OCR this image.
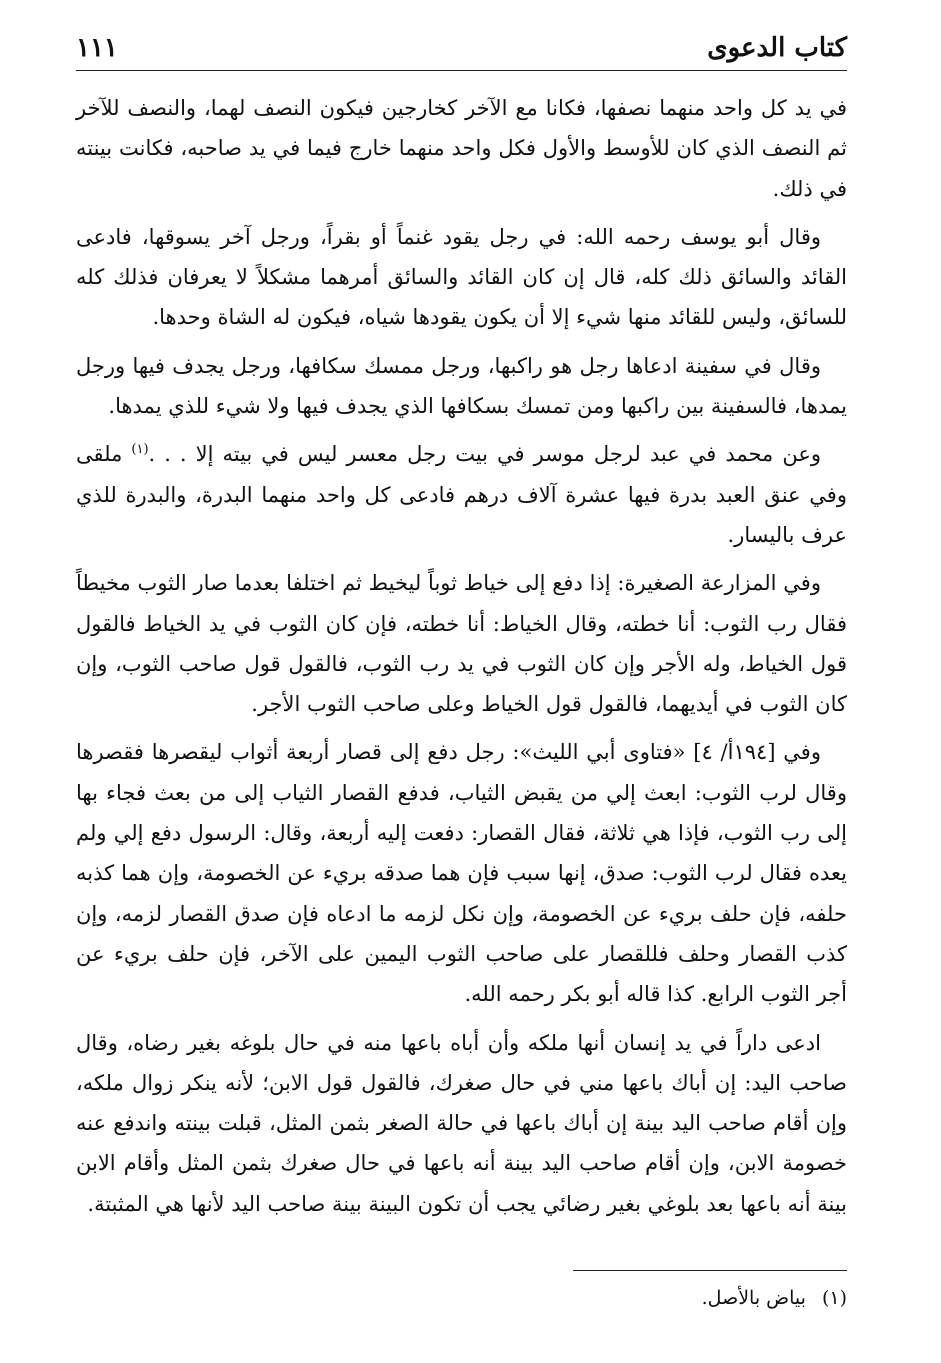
كتاب الدعوى
١١١

في يد كل واحد منهما نصفها، فكانا مع الآخر كخارجين فيكون النصف لهما، والنصف للآخر ثم النصف الذي كان للأوسط والأول فكل واحد منهما خارج فيما في يد صاحبه، فكانت بينته في ذلك.

وقال أبو يوسف رحمه الله: في رجل يقود غنماً أو بقراً، ورجل آخر يسوقها، فادعى القائد والسائق ذلك كله، قال إن كان القائد والسائق أمرهما مشكلاً لا يعرفان فذلك كله للسائق، وليس للقائد منها شيء إلا أن يكون يقودها شياه، فيكون له الشاة وحدها.

وقال في سفينة ادعاها رجل هو راكبها، ورجل ممسك سكافها، ورجل يجدف فيها ورجل يمدها، فالسفينة بين راكبها ومن تمسك بسكافها الذي يجدف فيها ولا شيء للذي يمدها.

وعن محمد في عبد لرجل موسر في بيت رجل معسر ليس في بيته إلا . . .$^{(١)}$ ملقى وفي عنق العبد بدرة فيها عشرة آلاف درهم فادعى كل واحد منهما البدرة، والبدرة للذي عرف باليسار.

وفي المزارعة الصغيرة: إذا دفع إلى خياط ثوباً ليخيط ثم اختلفا بعدما صار الثوب مخيطاً فقال رب الثوب: أنا خطته، وقال الخياط: أنا خطته، فإن كان الثوب في يد الخياط فالقول قول الخياط، وله الأجر وإن كان الثوب في يد رب الثوب، فالقول قول صاحب الثوب، وإن كان الثوب في أيديهما، فالقول قول الخياط وعلى صاحب الثوب الأجر.

وفي [١٩٤أ/ ٤] «فتاوى أبي الليث»: رجل دفع إلى قصار أربعة أثواب ليقصرها فقصرها وقال لرب الثوب: ابعث إلي من يقبض الثياب، فدفع القصار الثياب إلى من بعث فجاء بها إلى رب الثوب، فإذا هي ثلاثة، فقال القصار: دفعت إليه أربعة، وقال: الرسول دفع إلي ولم يعده فقال لرب الثوب: صدق، إنها سبب فإن هما صدقه بريء عن الخصومة، وإن هما كذبه حلفه، فإن حلف بريء عن الخصومة، وإن نكل لزمه ما ادعاه فإن صدق القصار لزمه، وإن كذب القصار وحلف فللقصار على صاحب الثوب اليمين على الآخر، فإن حلف بريء عن أجر الثوب الرابع. كذا قاله أبو بكر رحمه الله.

ادعى داراً في يد إنسان أنها ملكه وأن أباه باعها منه في حال بلوغه بغير رضاه، وقال صاحب اليد: إن أباك باعها مني في حال صغرك، فالقول قول الابن؛ لأنه ينكر زوال ملكه، وإن أقام صاحب اليد بينة إن أباك باعها في حالة الصغر بثمن المثل، قبلت بينته واندفع عنه خصومة الابن، وإن أقام صاحب اليد بينة أنه باعها في حال صغرك بثمن المثل وأقام الابن بينة أنه باعها بعد بلوغي بغير رضائي يجب أن تكون البينة بينة صاحب اليد لأنها هي المثبتة.

(١)بياض بالأصل.
